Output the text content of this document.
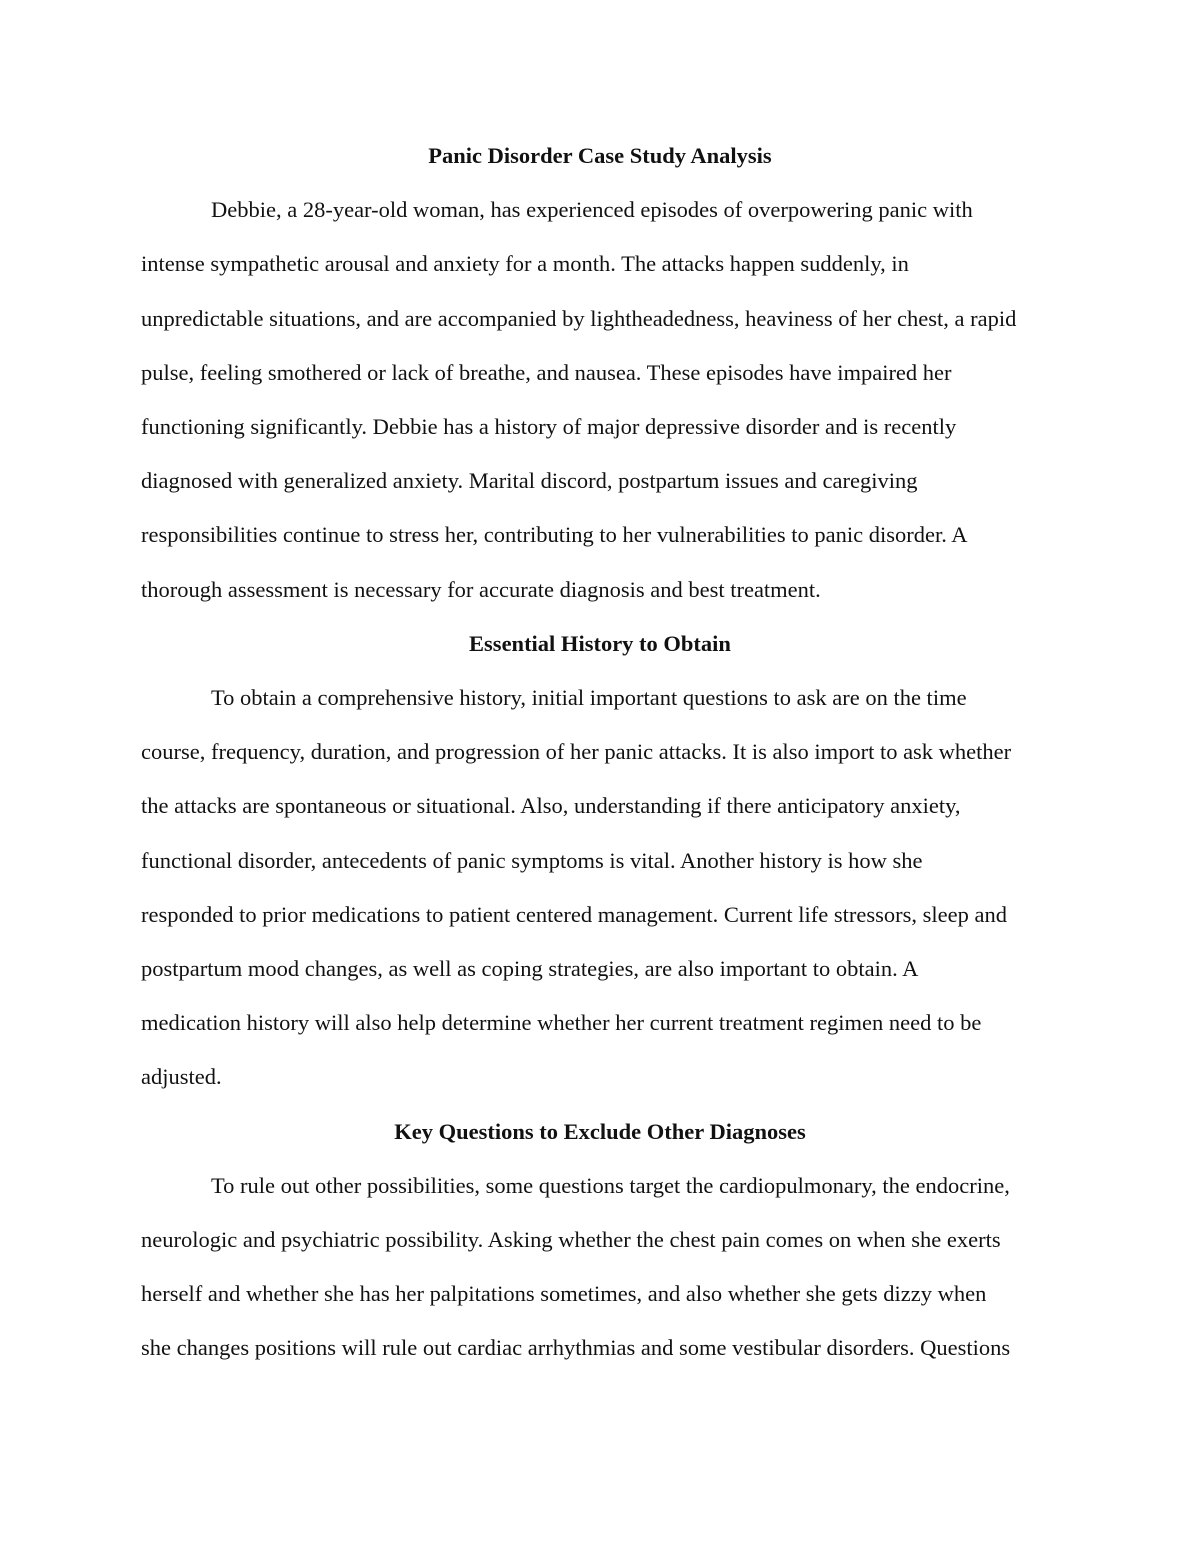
Panic Disorder Case Study Analysis
Debbie, a 28-year-old woman, has experienced episodes of overpowering panic with
intense sympathetic arousal and anxiety for a month. The attacks happen suddenly, in
unpredictable situations, and are accompanied by lightheadedness, heaviness of her chest, a rapid
pulse, feeling smothered or lack of breathe, and nausea. These episodes have impaired her
functioning significantly. Debbie has a history of major depressive disorder and is recently
diagnosed with generalized anxiety. Marital discord, postpartum issues and caregiving
responsibilities continue to stress her, contributing to her vulnerabilities to panic disorder. A
thorough assessment is necessary for accurate diagnosis and best treatment.
Essential History to Obtain
To obtain a comprehensive history, initial important questions to ask are on the time
course, frequency, duration, and progression of her panic attacks. It is also import to ask whether
the attacks are spontaneous or situational. Also, understanding if there anticipatory anxiety,
functional disorder, antecedents of panic symptoms is vital. Another history is how she
responded to prior medications to patient centered management. Current life stressors, sleep and
postpartum mood changes, as well as coping strategies, are also important to obtain. A
medication history will also help determine whether her current treatment regimen need to be
adjusted.
Key Questions to Exclude Other Diagnoses
To rule out other possibilities, some questions target the cardiopulmonary, the endocrine,
neurologic and psychiatric possibility. Asking whether the chest pain comes on when she exerts
herself and whether she has her palpitations sometimes, and also whether she gets dizzy when
she changes positions will rule out cardiac arrhythmias and some vestibular disorders. Questions
